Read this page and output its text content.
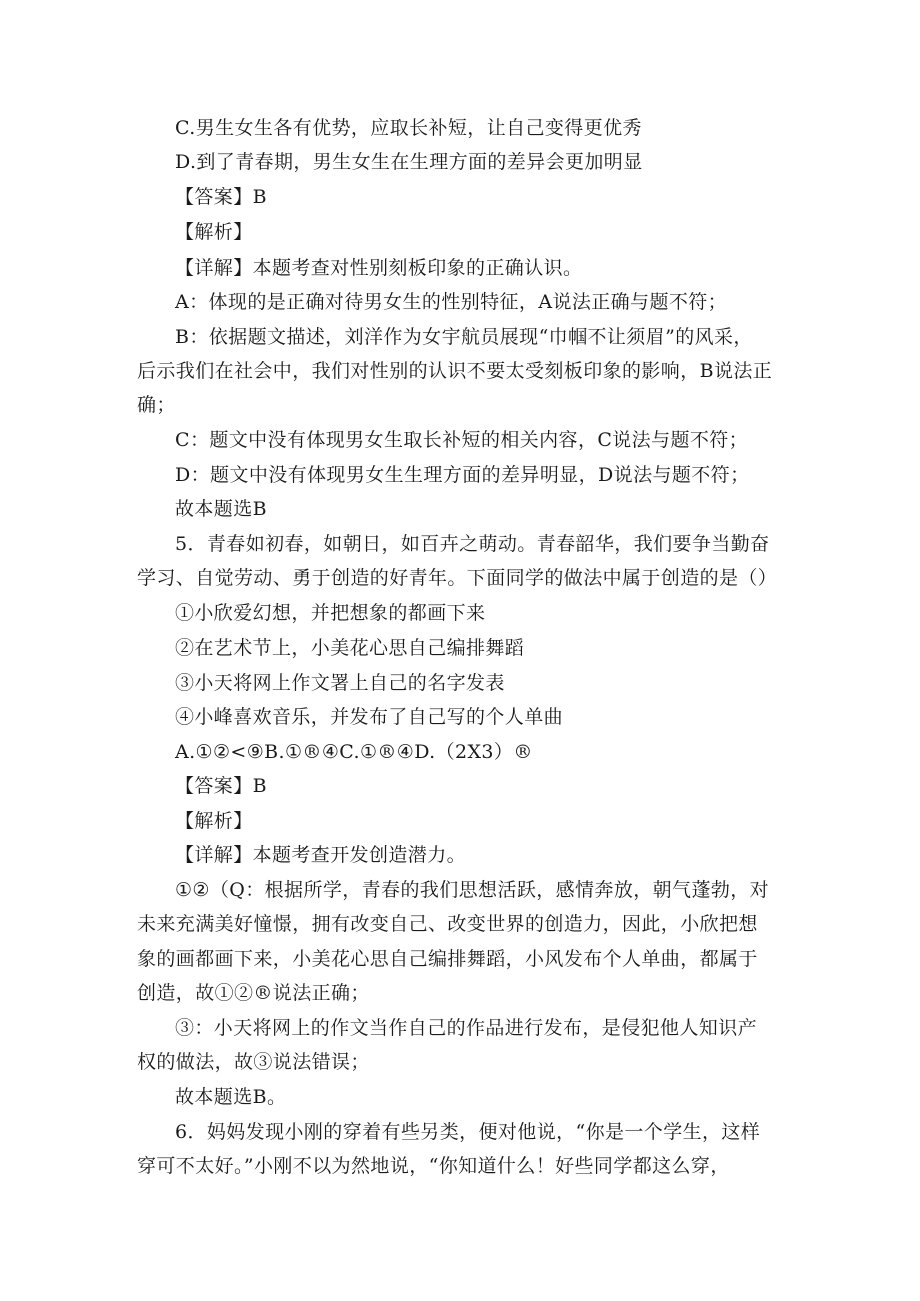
C.男生女生各有优势，应取长补短，让自己变得更优秀
D.到了青春期，男生女生在生理方面的差异会更加明显
【答案】B
【解析】
【详解】本题考查对性别刻板印象的正确认识。
A：体现的是正确对待男女生的性别特征，A说法正确与题不符；
B：依据题文描述，刘洋作为女宇航员展现“巾帼不让须眉”的风采，
后示我们在社会中，我们对性别的认识不要太受刻板印象的影响，B说法正
确；
C：题文中没有体现男女生取长补短的相关内容，C说法与题不符；
D：题文中没有体现男女生生理方面的差异明显，D说法与题不符；
故本题选B
5．青春如初春，如朝日，如百卉之萌动。青春韶华，我们要争当勤奋
学习、自觉劳动、勇于创造的好青年。下面同学的做法中属于创造的是（）
①小欣爱幻想，并把想象的都画下来
②在艺术节上，小美花心思自己编排舞蹈
③小天将网上作文署上自己的名字发表
④小峰喜欢音乐，并发布了自己写的个人单曲
A.①②<⑨B.①®④C.①®④D.（2X3）®
【答案】B
【解析】
【详解】本题考查开发创造潜力。
①②（Q：根据所学，青春的我们思想活跃，感情奔放，朝气蓬勃，对
未来充满美好憧憬，拥有改变自己、改变世界的创造力，因此，小欣把想
象的画都画下来，小美花心思自己编排舞蹈，小风发布个人单曲，都属于
创造，故①②®说法正确；
③：小天将网上的作文当作自己的作品进行发布，是侵犯他人知识产
权的做法，故③说法错误；
故本题选B。
6．妈妈发现小刚的穿着有些另类，便对他说，“你是一个学生，这样
穿可不太好。”小刚不以为然地说，“你知道什么！好些同学都这么穿，
